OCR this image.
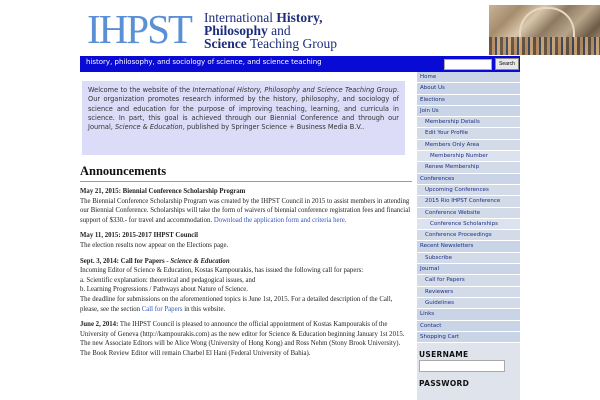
IHPST International History,
Philosophy and
Science Teaching Group
history, philosophy, and sociology of science, and science teaching	Search

Welcome to the website of the International History, Philosophy and Science Teaching Group. Our organization promotes research informed by the history, philosophy, and sociology of science and education for the purpose of improving teaching, learning, and curricula in science. In part, this goal is achieved through our Biennial Conference and through our Journal, Science & Education, published by Springer Science + Business Media B.V..

Announcements
May 21, 2015: Biennial Conference Scholarship Program
The Biennial Conference Scholarship Program was created by the IHPST Council in 2015 to assist members in attending our Biennial Conference. Scholarships will take the form of waivers of biennial conference registration fees and financial support of $330.- for travel and accommodation. Download the application form and criteria here.
May 11, 2015: 2015-2017 IHPST Council
The election results now appear on the Elections page.
Sept. 3, 2014: Call for Papers - Science & Education
Incoming Editor of Science & Education, Kostas Kampourakis, has issued the following call for papers:
a. Scientific explanation: theoretical and pedagogical issues, and
b. Learning Progressions / Pathways about Nature of Science.
The deadline for submissions on the aforementioned topics is June 1st, 2015. For a detailed description of the Call, please, see the section Call for Papers in this website.
June 2, 2014: The IHPST Council is pleased to announce the official appointment of Kostas Kampourakis of the University of Geneva (http://kampourakis.com) as the new editor for Science & Education beginning January 1st 2015. The new Associate Editors will be Alice Wong (University of Hong Kong) and Ross Nehm (Stony Brook University). The Book Review Editor will remain Charbel El Hani (Federal University of Bahia).
Home
About Us
Elections
Join Us
Membership Details
Edit Your Profile
Members Only Area
Membership Number
Renew Membership
Conferences
Upcoming Conferences
2015 Rio IHPST Conference
Conference Website
Conference Scholarships
Conference Proceedings
Recent Newsletters
Subscribe
Journal
Call for Papers
Reviewers
Guidelines
Links
Contact
Shopping Cart
USERNAME
PASSWORD
